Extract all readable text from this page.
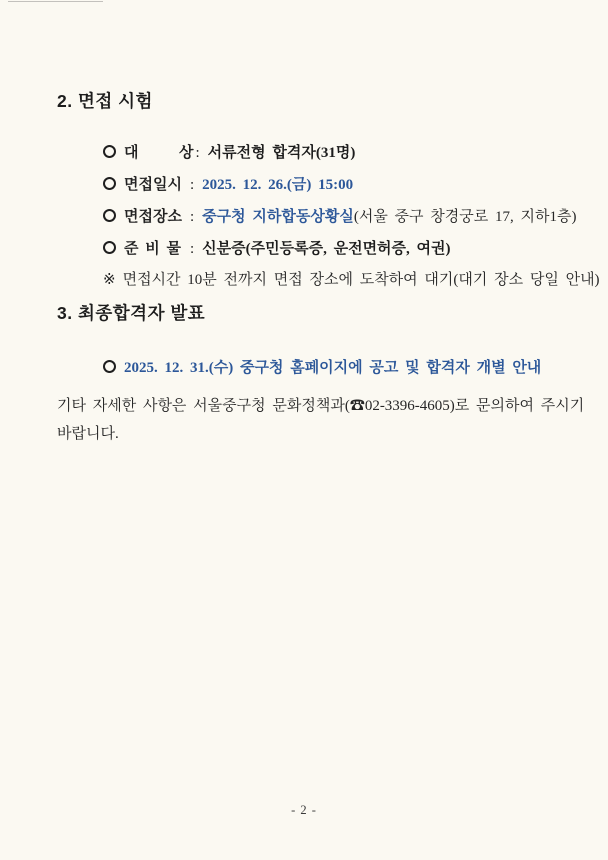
2. 면접 시험

대      상 : 서류전형 합격자(31명)

면접일시 : 2025. 12. 26.(금) 15:00

면접장소 : 중구청 지하합동상황실(서울 중구 창경궁로 17, 지하1층)

준 비 물 : 신분증(주민등록증, 운전면허증, 여권)

※ 면접시간 10분 전까지 면접 장소에 도착하여 대기(대기 장소 당일 안내)

3. 최종합격자 발표

2025. 12. 31.(수) 중구청 홈페이지에 공고 및 합격자 개별 안내

기타 자세한 사항은 서울중구청 문화정책과(☎02-3396-4605)로 문의하여 주시기
바랍니다.
- 2 -
